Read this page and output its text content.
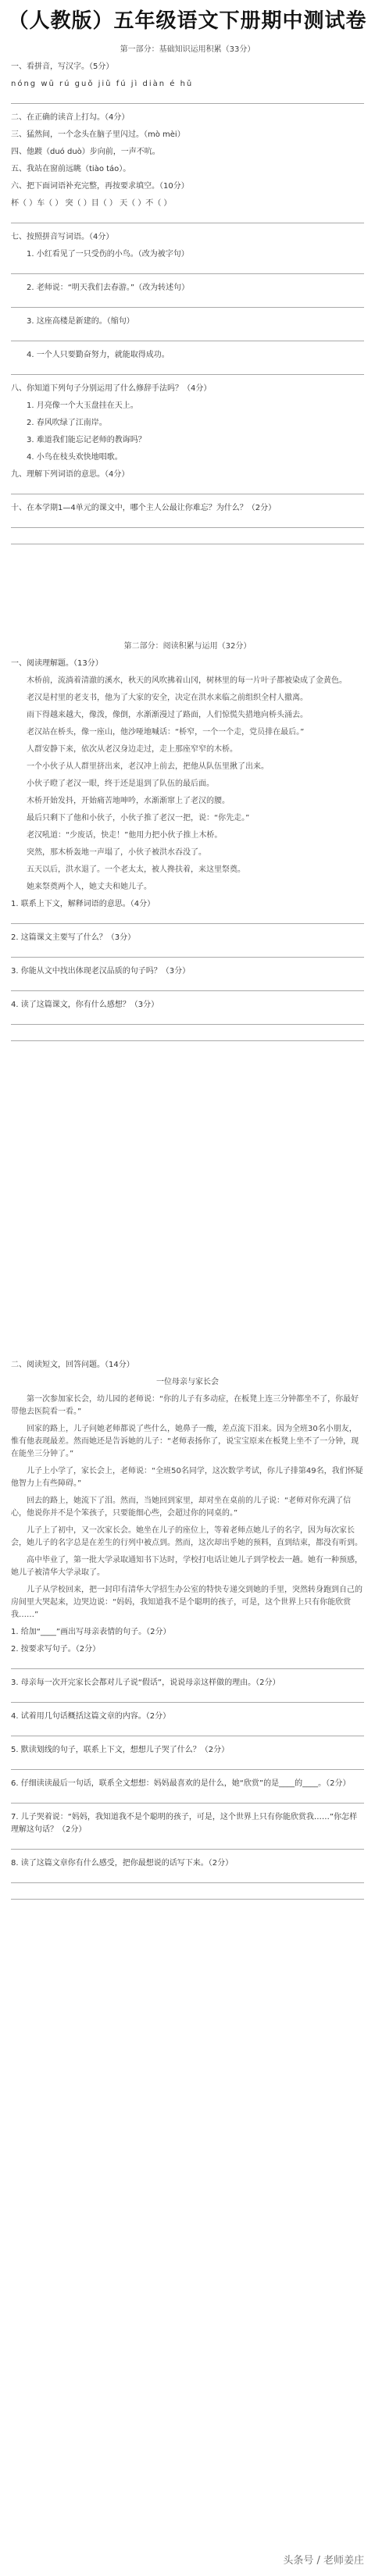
（人教版）五年级语文下册期中测试卷

第一部分：基础知识运用积累（33分）

一、看拼音，写汉字。（5分）

nóng wū rú guǒ jiǔ fú jì diàn é hǔ

二、在正确的读音上打勾。（4分）

三、猛然间，一个念头在脑子里闪过。（mò mèi）

四、他踱（duó duò）步向前，一声不吭。

五、我站在窗前远眺（tiào táo）。

六、把下面词语补充完整，再按要求填空。（10分）

杯（ ）车（ ） 突（ ）目（ ） 天（ ）不（ ）

七、按照拼音写词语。（4分）

1. 小红看见了一只受伤的小鸟。（改为被字句）

2. 老师说：“明天我们去春游。”（改为转述句）

3. 这座高楼是新建的。（缩句）

4. 一个人只要勤奋努力，就能取得成功。

八、你知道下列句子分别运用了什么修辞手法吗？（4分）

1. 月亮像一个大玉盘挂在天上。

2. 春风吹绿了江南岸。

3. 难道我们能忘记老师的教诲吗？

4. 小鸟在枝头欢快地唱歌。

九、理解下列词语的意思。（4分）

十、在本学期1—4单元的课文中，哪个主人公最让你难忘？为什么？（2分）

第二部分：阅读积累与运用（32分）

一、阅读理解题。（13分）

木桥前，流淌着清澈的溪水，秋天的风吹拂着山冈，树林里的每一片叶子都被染成了金黄色。

老汉是村里的老支书，他为了大家的安全，决定在洪水来临之前组织全村人撤离。

雨下得越来越大，像泼，像倒，水渐渐漫过了路面，人们惊慌失措地向桥头涌去。

老汉站在桥头，像一座山，他沙哑地喊话：“桥窄，一个一个走，党员排在最后。”

人群安静下来，依次从老汉身边走过，走上那座窄窄的木桥。

一个小伙子从人群里挤出来，老汉冲上前去，把他从队伍里揪了出来。

小伙子瞪了老汉一眼，终于还是退到了队伍的最后面。

木桥开始发抖，开始痛苦地呻吟，水渐渐窜上了老汉的腰。

最后只剩下了他和小伙子，小伙子推了老汉一把，说：“你先走。”

老汉吼道：“少废话，快走！”他用力把小伙子推上木桥。

突然，那木桥轰地一声塌了，小伙子被洪水吞没了。

五天以后，洪水退了。一个老太太，被人搀扶着，来这里祭奠。

她来祭奠两个人，她丈夫和她儿子。

1. 联系上下文，解释词语的意思。（4分）

2. 这篇课文主要写了什么？（3分）

3. 你能从文中找出体现老汉品质的句子吗？（3分）

4. 读了这篇课文，你有什么感想？（3分）

二、阅读短文，回答问题。（14分）

一位母亲与家长会

第一次参加家长会，幼儿园的老师说：“你的儿子有多动症，在板凳上连三分钟都坐不了，你最好带他去医院看一看。”

回家的路上，儿子问她老师都说了些什么，她鼻子一酸，差点流下泪来。因为全班30名小朋友，惟有他表现最差。然而她还是告诉她的儿子：“老师表扬你了，说宝宝原来在板凳上坐不了一分钟，现在能坐三分钟了。”

儿子上小学了，家长会上，老师说：“全班50名同学，这次数学考试，你儿子排第49名，我们怀疑他智力上有些障碍。”

回去的路上，她流下了泪。然而，当她回到家里，却对坐在桌前的儿子说：“老师对你充满了信心，他说你并不是个笨孩子，只要能细心些，会超过你的同桌的。”

儿子上了初中，又一次家长会。她坐在儿子的座位上，等着老师点她儿子的名字，因为每次家长会，她儿子的名字总是在差生的行列中被点到。然而，这次却出乎她的预料，直到结束，都没有听到。

高中毕业了，第一批大学录取通知书下达时，学校打电话让她儿子到学校去一趟。她有一种预感，她儿子被清华大学录取了。

儿子从学校回来，把一封印有清华大学招生办公室的特快专递交到她的手里，突然转身跑到自己的房间里大哭起来，边哭边说：“妈妈，我知道我不是个聪明的孩子，可是，这个世界上只有你能欣赏我……”

1. 给加“____”画出写母亲表情的句子。（2分）

2. 按要求写句子。（2分）

3. 母亲每一次开完家长会都对儿子说“假话”，说说母亲这样做的理由。（2分）

4. 试着用几句话概括这篇文章的内容。（2分）

5. 默读划线的句子，联系上下文，想想儿子哭了什么？（2分）

6. 仔细读读最后一句话，联系全文想想：妈妈最喜欢的是什么，她“欣赏”的是____的____。（2分）

7. 儿子哭着说：“妈妈，我知道我不是个聪明的孩子，可是，这个世界上只有你能欣赏我……”你怎样理解这句话？（2分）

8. 读了这篇文章你有什么感受，把你最想说的话写下来。（2分）

头条号 / 老师姜庄
